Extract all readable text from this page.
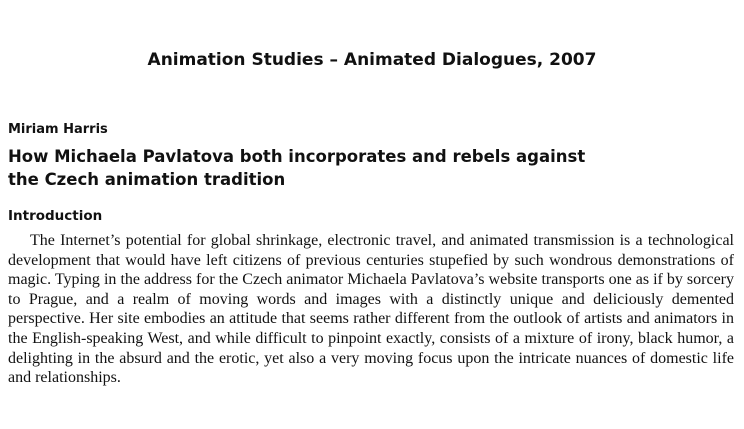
Animation Studies – Animated Dialogues, 2007
Miriam Harris
How Michaela Pavlatova both incorporates and rebels against the Czech animation tradition
Introduction

The Internet’s potential for global shrinkage, electronic travel, and animated transmission is a technological development that would have left citizens of previous centuries stupefied by such wondrous demonstrations of magic. Typing in the address for the Czech animator Michaela Pavlatova’s website transports one as if by sorcery to Prague, and a realm of moving words and images with a distinctly unique and deliciously demented perspective. Her site embodies an attitude that seems rather different from the outlook of artists and animators in the English-speaking West, and while difficult to pinpoint exactly, consists of a mixture of irony, black humor, a delighting in the absurd and the erotic, yet also a very moving focus upon the intricate nuances of domestic life and relationships.
